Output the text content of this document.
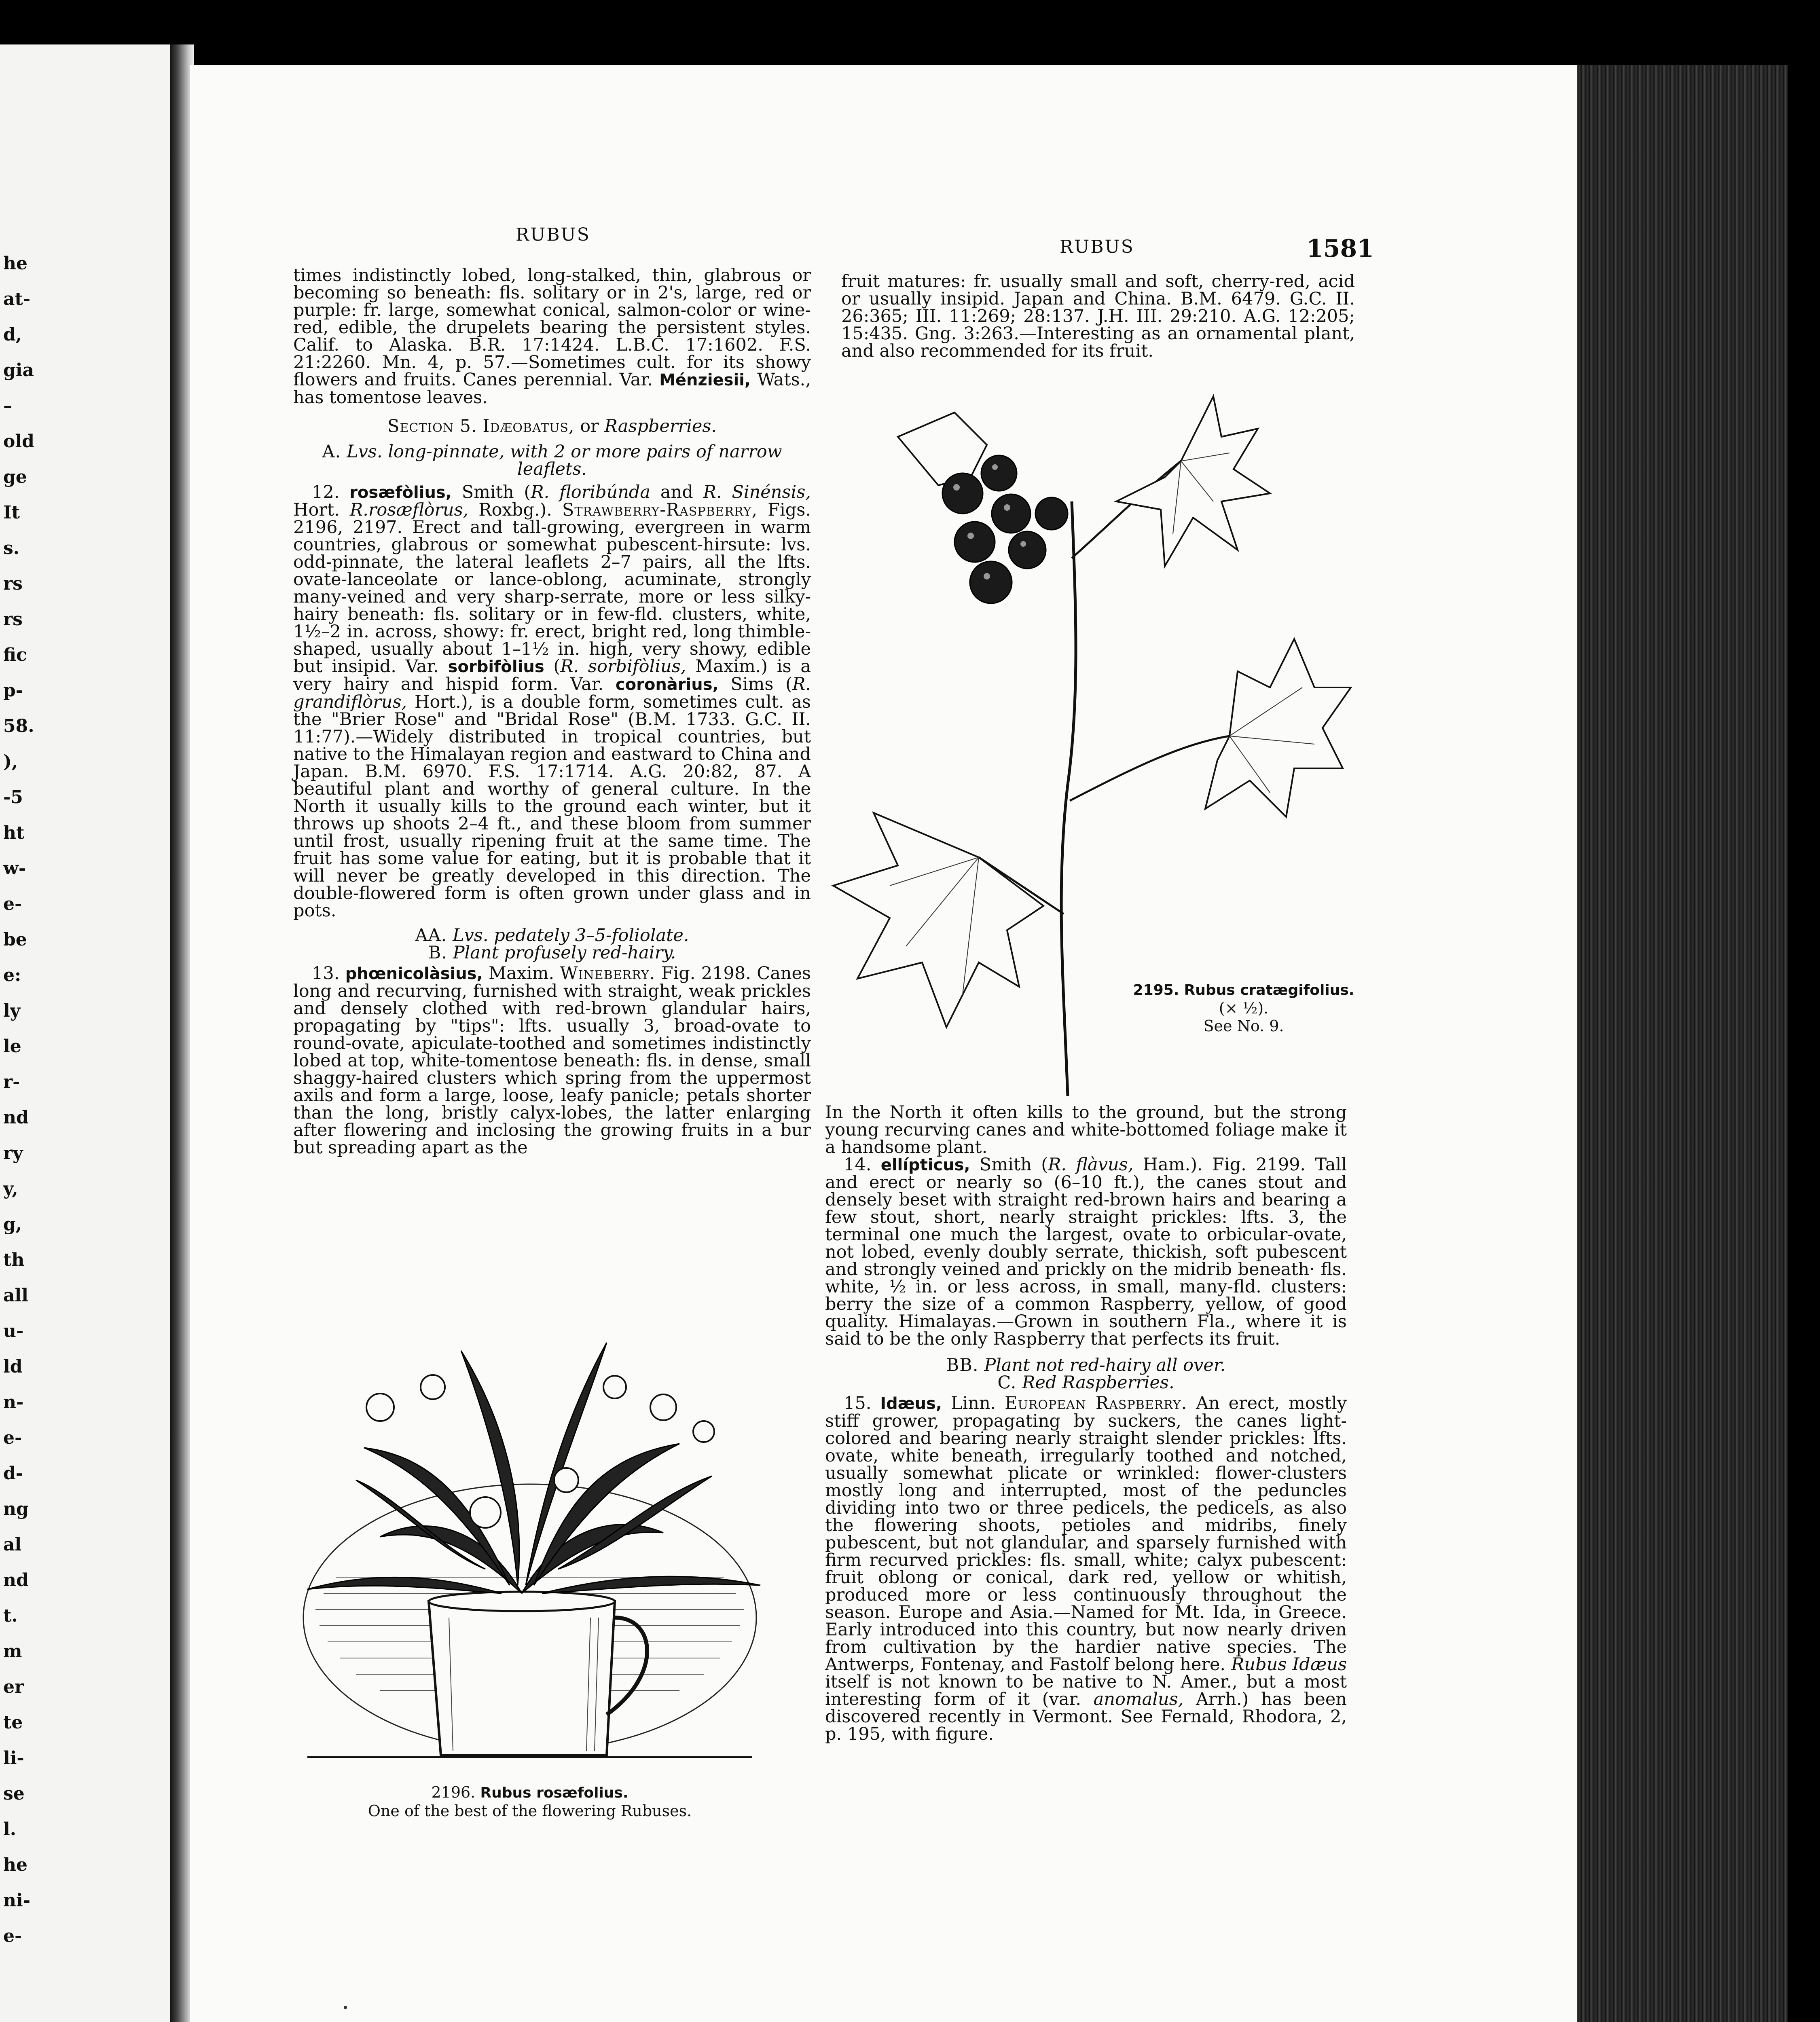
he
at-
d,
gia
–
old
ge
It
s.
rs
rs
fic
p-
58.
),
-5
ht
w-
e-
be
e:
ly
le
r-
nd
ry
y,
g,
th
all
u-
ld
n-
e-
d-
ng
al
nd
t.
m
er
te
li-
se
l.
he
ni-
e-
RUBUS
RUBUS	1581

times indistinctly lobed, long-stalked, thin, glabrous or becoming so beneath: fls. solitary or in 2's, large, red or purple: fr. large, somewhat conical, salmon-color or wine-red, edible, the drupelets bearing the persistent styles. Calif. to Alaska. B.R. 17:1424. L.B.C. 17:1602. F.S. 21:2260. Mn. 4, p. 57.—Sometimes cult. for its showy flowers and fruits. Canes perennial. Var. Ménziesii, Wats., has tomentose leaves.

Section 5. Idæobatus, or Raspberries.

A. Lvs. long-pinnate, with 2 or more pairs of narrow leaflets.

12. rosæfòlius, Smith (R. floribúnda and R. Sinénsis, Hort. R.rosæflòrus, Roxbg.). Strawberry-Raspberry, Figs. 2196, 2197. Erect and tall-growing, evergreen in warm countries, glabrous or somewhat pubescent-hirsute: lvs. odd-pinnate, the lateral leaflets 2–7 pairs, all the lfts. ovate-lanceolate or lance-oblong, acuminate, strongly many-veined and very sharp-serrate, more or less silky-hairy beneath: fls. solitary or in few-fld. clusters, white, 1½–2 in. across, showy: fr. erect, bright red, long thimble-shaped, usually about 1–1½ in. high, very showy, edible but insipid. Var. sorbifòlius (R. sorbifòlius, Maxim.) is a very hairy and hispid form. Var. coronàrius, Sims (R. grandiflòrus, Hort.), is a double form, sometimes cult. as the "Brier Rose" and "Bridal Rose" (B.M. 1733. G.C. II. 11:77).—Widely distributed in tropical countries, but native to the Himalayan region and eastward to China and Japan. B.M. 6970. F.S. 17:1714. A.G. 20:82, 87. A beautiful plant and worthy of general culture. In the North it usually kills to the ground each winter, but it throws up shoots 2–4 ft., and these bloom from summer until frost, usually ripening fruit at the same time. The fruit has some value for eating, but it is probable that it will never be greatly developed in this direction. The double-flowered form is often grown under glass and in pots.

AA. Lvs. pedately 3–5-foliolate.

B. Plant profusely red-hairy.

13. phœnicolàsius, Maxim. Wineberry. Fig. 2198. Canes long and recurving, furnished with straight, weak prickles and densely clothed with red-brown glandular hairs, propagating by "tips": lfts. usually 3, broad-ovate to round-ovate, apiculate-toothed and sometimes indistinctly lobed at top, white-tomentose beneath: fls. in dense, small shaggy-haired clusters which spring from the uppermost axils and form a large, loose, leafy panicle; petals shorter than the long, bristly calyx-lobes, the latter enlarging after flowering and inclosing the growing fruits in a bur but spreading apart as the

2196. Rubus rosæfolius.
One of the best of the flowering Rubuses.

fruit matures: fr. usually small and soft, cherry-red, acid or usually insipid. Japan and China. B.M. 6479. G.C. II. 26:365; III. 11:269; 28:137. J.H. III. 29:210. A.G. 12:205; 15:435. Gng. 3:263.—Interesting as an ornamental plant, and also recommended for its fruit.

2195. Rubus cratægifolius.
(× ½).
See No. 9.

In the North it often kills to the ground, but the strong young recurving canes and white-bottomed foliage make it a handsome plant.

14. ellípticus, Smith (R. flàvus, Ham.). Fig. 2199. Tall and erect or nearly so (6–10 ft.), the canes stout and densely beset with straight red-brown hairs and bearing a few stout, short, nearly straight prickles: lfts. 3, the terminal one much the largest, ovate to orbicular-ovate, not lobed, evenly doubly serrate, thickish, soft pubescent and strongly veined and prickly on the midrib beneath· fls. white, ½ in. or less across, in small, many-fld. clusters: berry the size of a common Raspberry, yellow, of good quality. Himalayas.—Grown in southern Fla., where it is said to be the only Raspberry that perfects its fruit.

BB. Plant not red-hairy all over.

C. Red Raspberries.

15. Idæus, Linn. European Raspberry. An erect, mostly stiff grower, propagating by suckers, the canes light-colored and bearing nearly straight slender prickles: lfts. ovate, white beneath, irregularly toothed and notched, usually somewhat plicate or wrinkled: flower-clusters mostly long and interrupted, most of the peduncles dividing into two or three pedicels, the pedicels, as also the flowering shoots, petioles and midribs, finely pubescent, but not glandular, and sparsely furnished with firm recurved prickles: fls. small, white; calyx pubescent: fruit oblong or conical, dark red, yellow or whitish, produced more or less continuously throughout the season. Europe and Asia.—Named for Mt. Ida, in Greece. Early introduced into this country, but now nearly driven from cultivation by the hardier native species. The Antwerps, Fontenay, and Fastolf belong here. Rubus Idæus itself is not known to be native to N. Amer., but a most interesting form of it (var. anomalus, Arrh.) has been discovered recently in Vermont. See Fernald, Rhodora, 2, p. 195, with figure.
